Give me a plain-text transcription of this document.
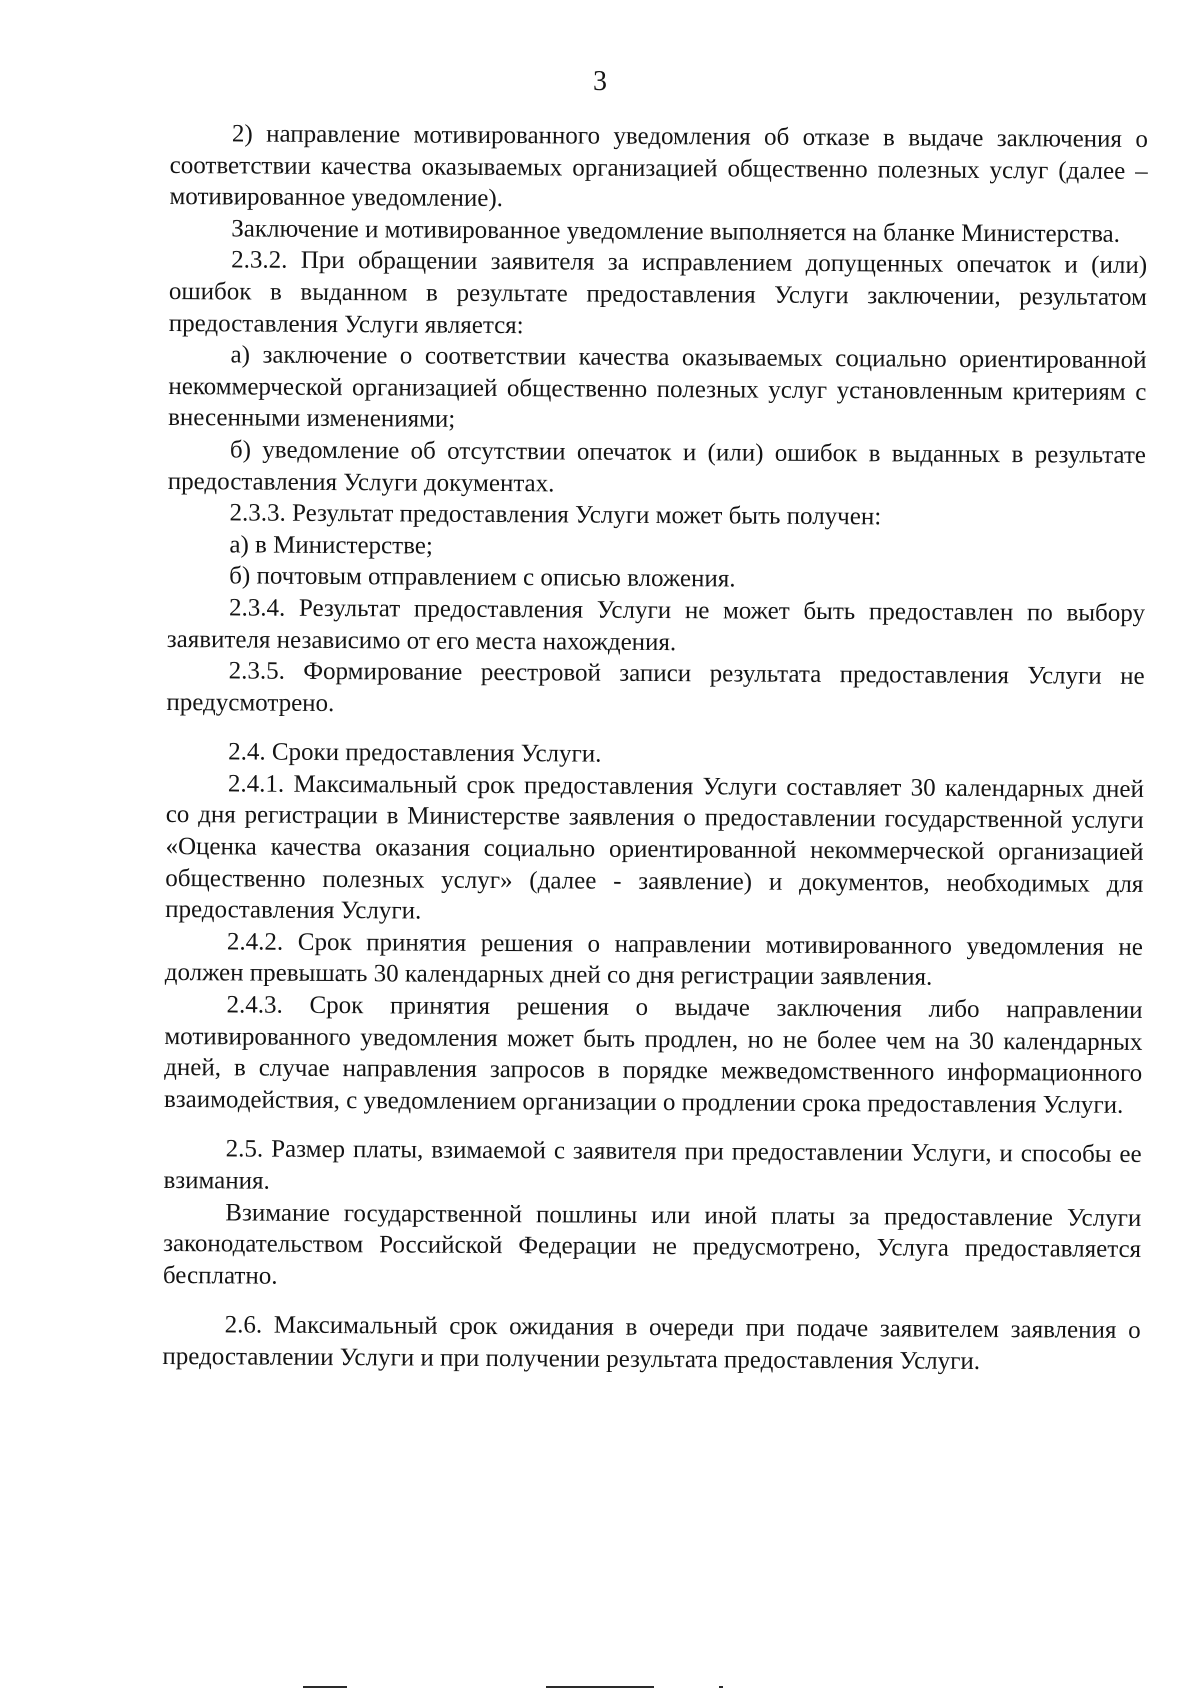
3

2) направление мотивированного уведомления об отказе в выдаче заключения о соответствии качества оказываемых организацией общественно полезных услуг (далее – мотивированное уведомление).

Заключение и мотивированное уведомление выполняется на бланке Министерства.

2.3.2. При обращении заявителя за исправлением допущенных опечаток и (или) ошибок в выданном в результате предоставления Услуги заключении, результатом предоставления Услуги является:

а) заключение о соответствии качества оказываемых социально ориентированной некоммерческой организацией общественно полезных услуг установленным критериям с внесенными изменениями;

б) уведомление об отсутствии опечаток и (или) ошибок в выданных в результате предоставления Услуги документах.

2.3.3. Результат предоставления Услуги может быть получен:

а) в Министерстве;

б) почтовым отправлением с описью вложения.

2.3.4. Результат предоставления Услуги не может быть предоставлен по выбору заявителя независимо от его места нахождения.

2.3.5. Формирование реестровой записи результата предоставления Услуги не предусмотрено.

2.4. Сроки предоставления Услуги.

2.4.1. Максимальный срок предоставления Услуги составляет 30 календарных дней со дня регистрации в Министерстве заявления о предоставлении государственной услуги «Оценка качества оказания социально ориентированной некоммерческой организацией общественно полезных услуг» (далее - заявление) и документов, необходимых для предоставления Услуги.

2.4.2. Срок принятия решения о направлении мотивированного уведомления не должен превышать 30 календарных дней со дня регистрации заявления.

2.4.3. Срок принятия решения о выдаче заключения либо направлении мотивированного уведомления может быть продлен, но не более чем на 30 календарных дней, в случае направления запросов в порядке межведомственного информационного взаимодействия, с уведомлением организации о продлении срока предоставления Услуги.

2.5. Размер платы, взимаемой с заявителя при предоставлении Услуги, и способы ее взимания.

Взимание государственной пошлины или иной платы за предоставление Услуги законодательством Российской Федерации не предусмотрено, Услуга предоставляется бесплатно.

2.6. Максимальный срок ожидания в очереди при подаче заявителем заявления о предоставлении Услуги и при получении результата предоставления Услуги.
